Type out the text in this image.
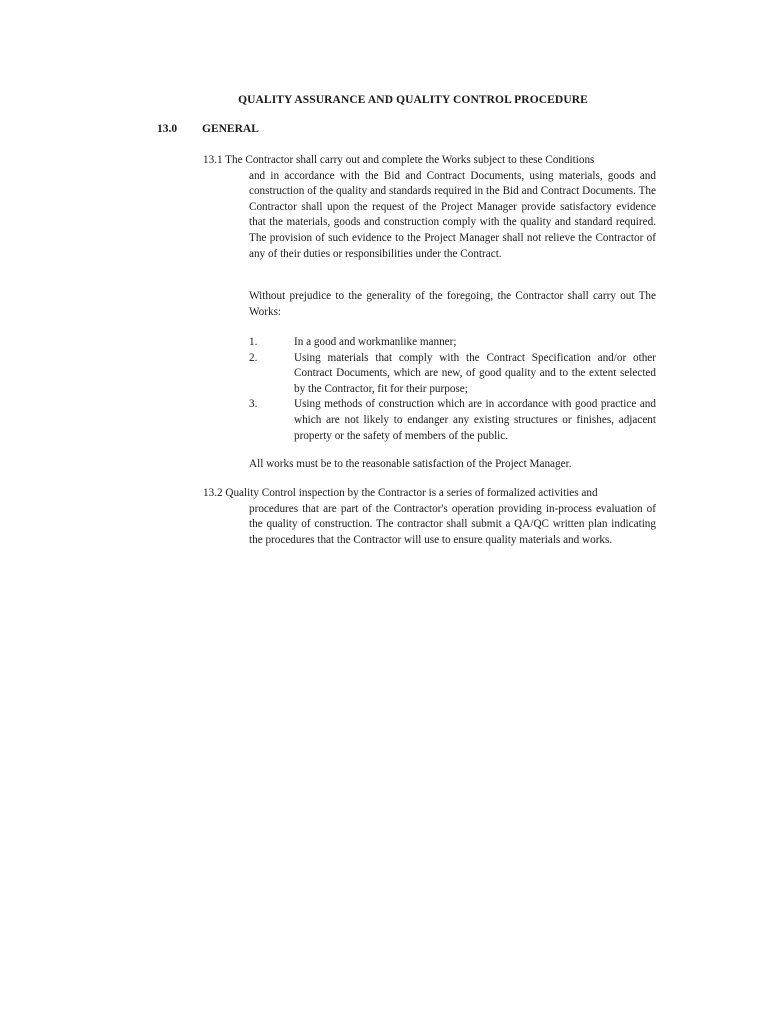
QUALITY ASSURANCE AND QUALITY CONTROL PROCEDURE
13.0 GENERAL
13.1 The Contractor shall carry out and complete the Works subject to these Conditions
and in accordance with the Bid and Contract Documents, using materials, goods and construction of the quality and standards required in the Bid and Contract Documents. The Contractor shall upon the request of the Project Manager provide satisfactory evidence that the materials, goods and construction comply with the quality and standard required. The provision of such evidence to the Project Manager shall not relieve the Contractor of any of their duties or responsibilities under the Contract.
Without prejudice to the generality of the foregoing, the Contractor shall carry out The Works:
1.	In a good and workmanlike manner;
2.	Using materials that comply with the Contract Specification and/or other Contract Documents, which are new, of good quality and to the extent selected by the Contractor, fit for their purpose;
3.	Using methods of construction which are in accordance with good practice and which are not likely to endanger any existing structures or finishes, adjacent property or the safety of members of the public.
All works must be to the reasonable satisfaction of the Project Manager.
13.2 Quality Control inspection by the Contractor is a series of formalized activities and
procedures that are part of the Contractor's operation providing in-process evaluation of the quality of construction. The contractor shall submit a QA/QC written plan indicating the procedures that the Contractor will use to ensure quality materials and works.
